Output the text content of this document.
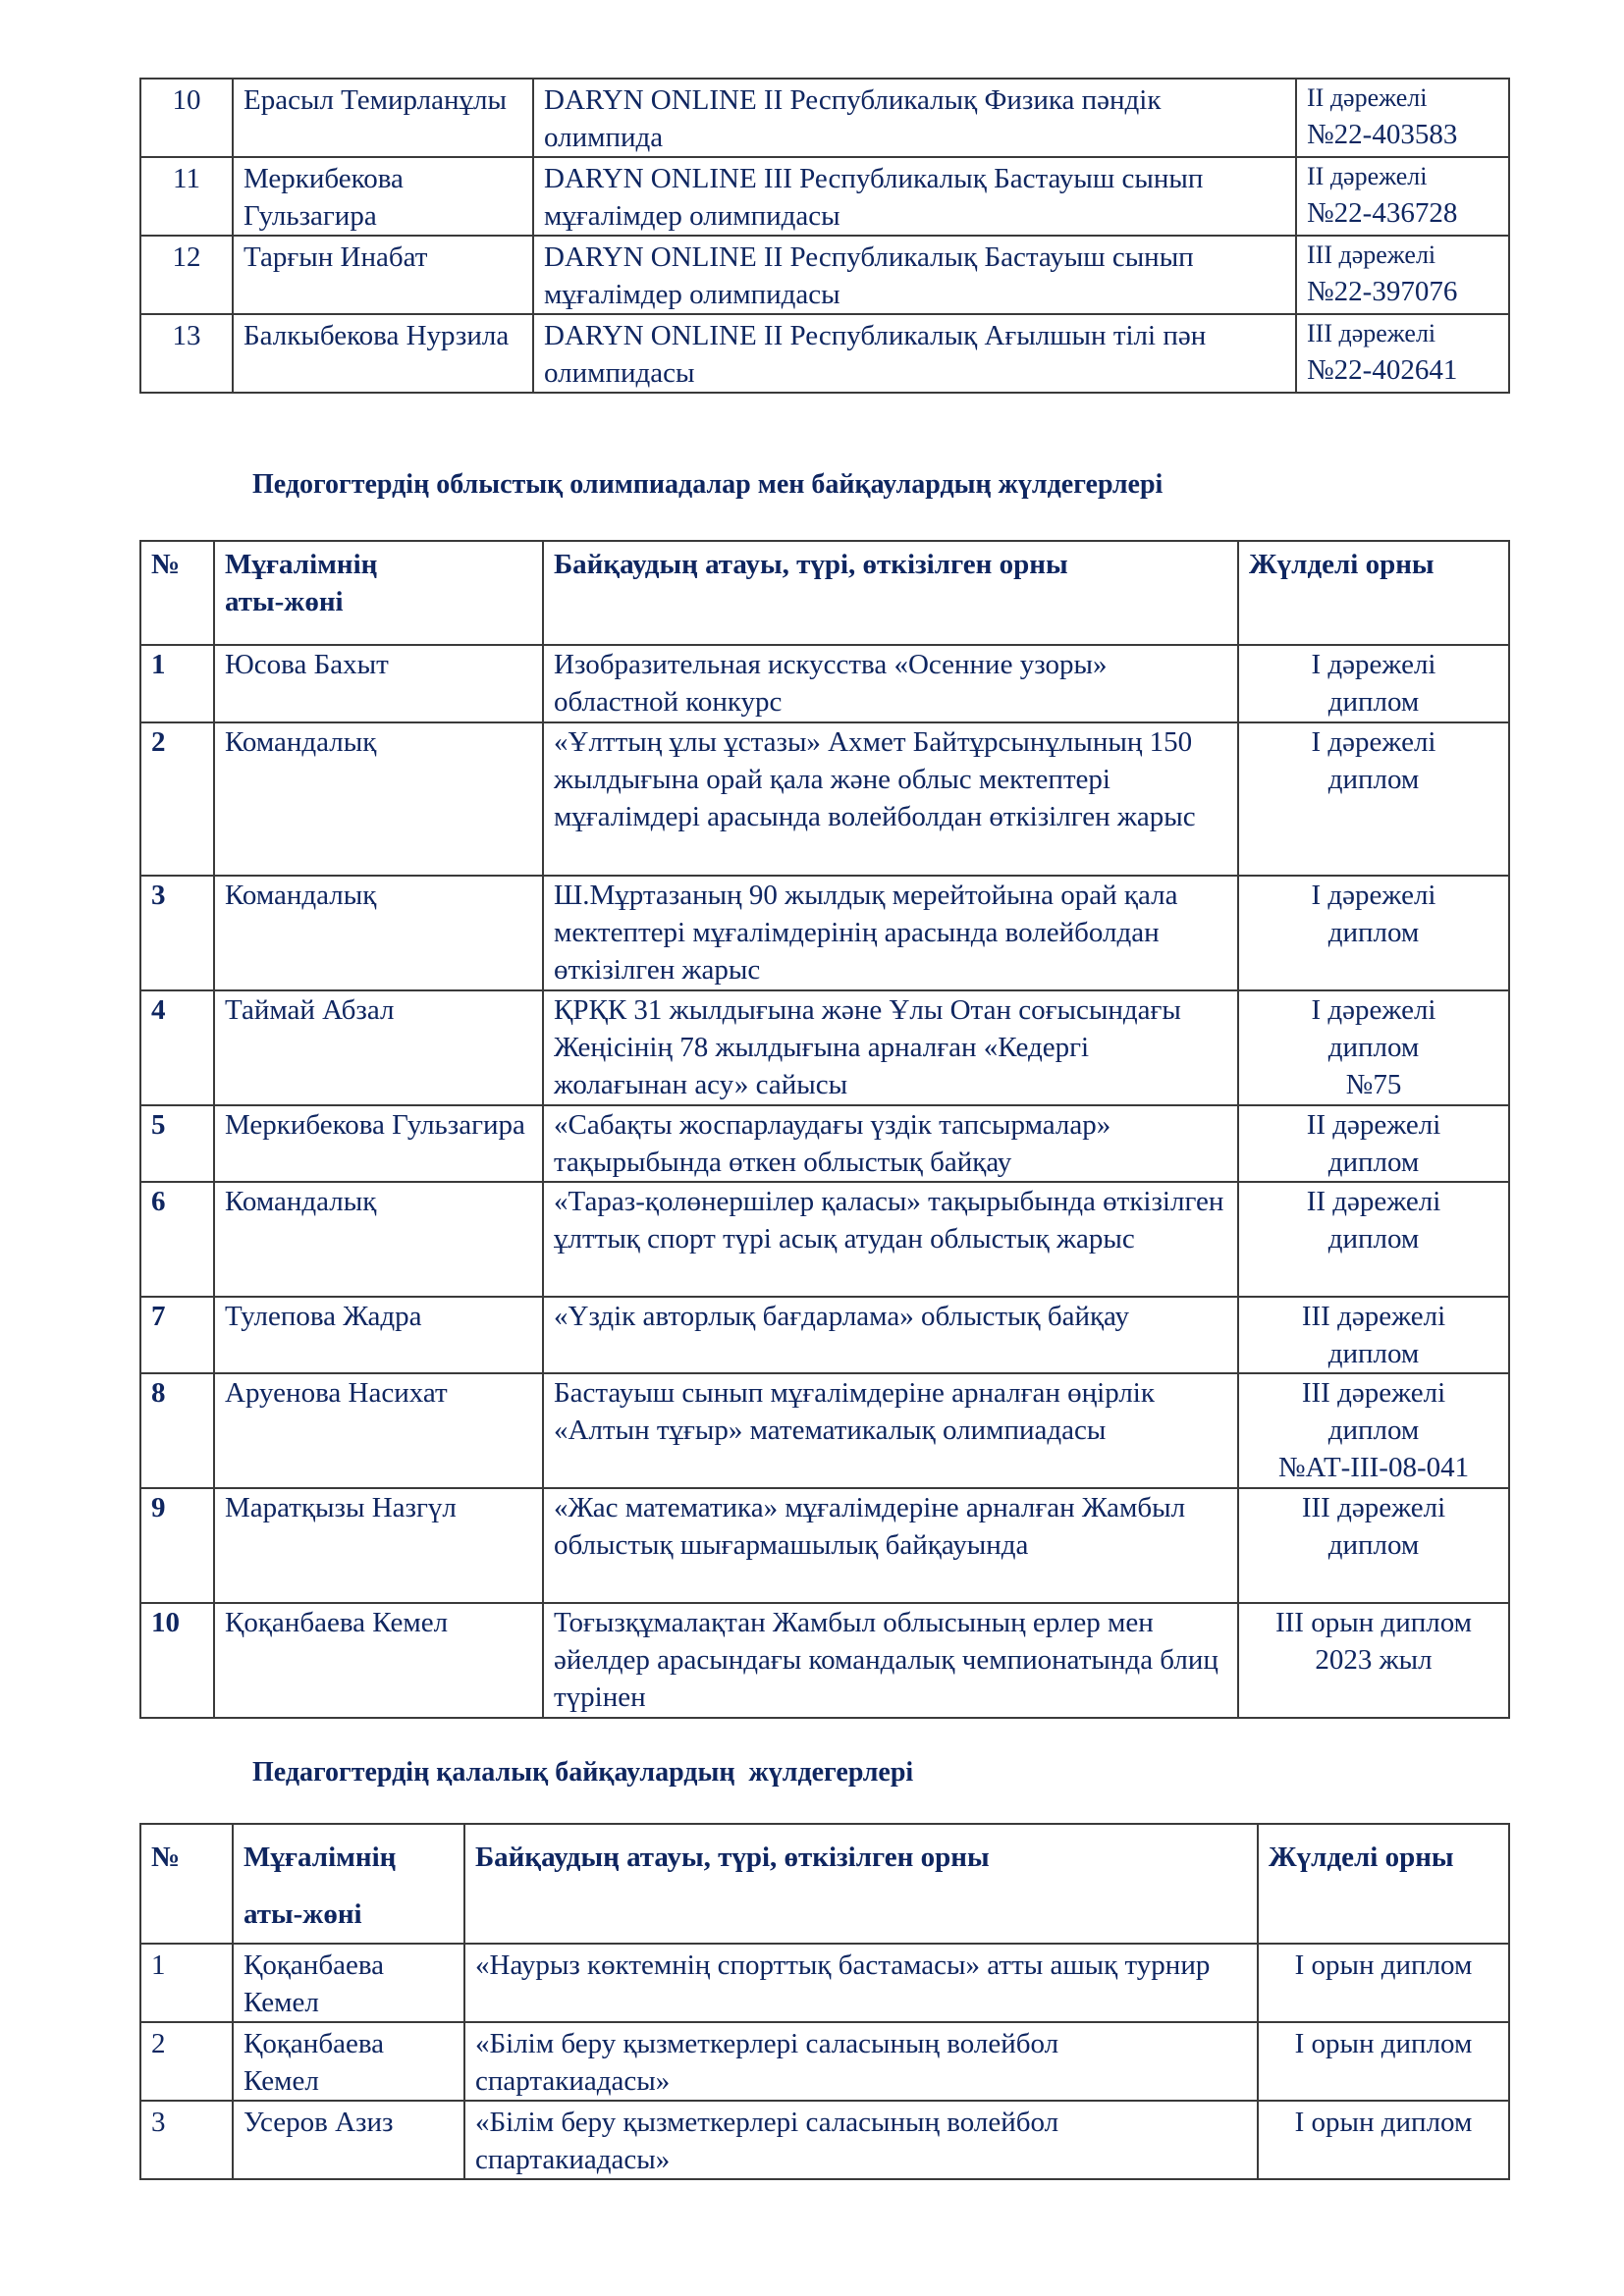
10	Ерасыл Темирланұлы	DARYN ONLINE II Республикалық Физика пәндік олимпида	II дәрежелі
№22-403583

11	Меркибекова Гульзагира	DARYN ONLINE III Республикалық Бастауыш сынып мұғалімдер олимпидасы	II дәрежелі
№22-436728

12	Тарғын Инабат	DARYN ONLINE II Республикалық Бастауыш сынып мұғалімдер олимпидасы	III дәрежелі
№22-397076

13	Балкыбекова Нурзила	DARYN ONLINE II Республикалық Ағылшын тілі пән олимпидасы	III дәрежелі
№22-402641
Педогогтердің облыстық олимпиадалар мен байқаулардың жүлдегерлері
№	Мұғалімнің
аты-жөні	Байқаудың атауы, түрі, өткізілген орны	Жүлделі орны
1	Юсова Бахыт	Изобразительная искусства «Осенние узоры» областной конкурс	I дәрежелі
диплом

2	Командалық	«Ұлттың ұлы ұстазы» Ахмет Байтұрсынұлының 150 жылдығына орай қала және облыс мектептері мұғалімдері арасында волейболдан өткізілген жарыс	I дәрежелі
диплом

3	Командалық	Ш.Мұртазаның 90 жылдық мерейтойына орай қала мектептері мұғалімдерінің арасында волейболдан өткізілген жарыс	I дәрежелі
диплом

4	Таймай Абзал	ҚРҚК 31 жылдығына және Ұлы Отан соғысындағы Жеңісінің 78 жылдығына арналған «Кедергі жолағынан асу» сайысы	I дәрежелі
диплом
№75

5	Меркибекова Гульзагира	«Сабақты жоспарлаудағы үздік тапсырмалар» тақырыбында өткен облыстық байқау	II дәрежелі
диплом

6	Командалық	«Тараз-қолөнершілер қаласы» тақырыбында өткізілген ұлттық спорт түрі асық атудан облыстық жарыс	II дәрежелі
диплом

7	Тулепова Жадра	«Үздік авторлық бағдарлама» облыстық байқау	III дәрежелі
диплом

8	Аруенова Насихат	Бастауыш сынып мұғалімдеріне арналған өңірлік «Алтын тұғыр» математикалық олимпиадасы	III дәрежелі
диплом
№АТ-III-08-041

9	Маратқызы Назгүл	«Жас математика» мұғалімдеріне арналған Жамбыл облыстық шығармашылық байқауында	III дәрежелі
диплом

10	Қоқанбаева Кемел	Тоғызқұмалақтан Жамбыл облысының ерлер мен әйелдер арасындағы командалық чемпионатында блиц түрінен	III орын диплом
2023 жыл
Педагогтердің қалалық байқаулардың  жүлдегерлері
№	Мұғалімнің
аты-жөні	Байқаудың атауы, түрі, өткізілген орны	Жүлделі орны
1	Қоқанбаева Кемел	«Наурыз көктемнің спорттық бастамасы» атты ашық турнир	I орын диплом
2	Қоқанбаева Кемел	«Білім беру қызметкерлері саласының волейбол спартакиадасы»	I орын диплом
3	Усеров Азиз	«Білім беру қызметкерлері саласының волейбол спартакиадасы»	I орын диплом
